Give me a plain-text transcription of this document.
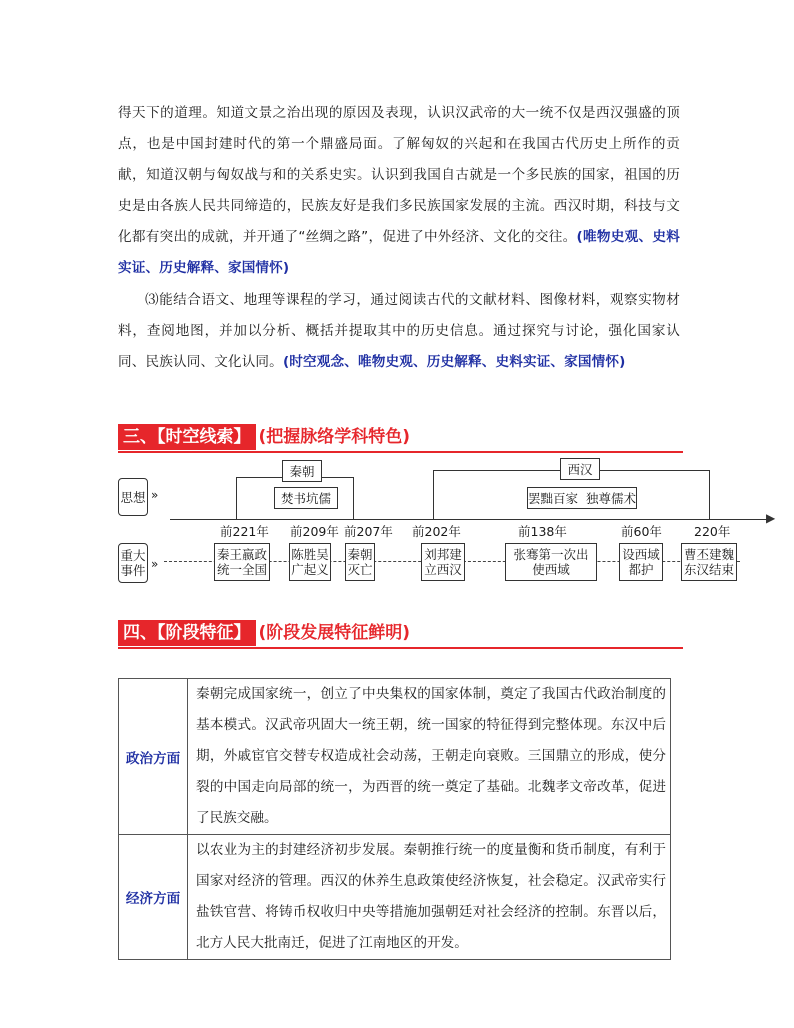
得天下的道理。知道文景之治出现的原因及表现，认识汉武帝的大一统不仅是西汉强盛的顶点，也是中国封建时代的第一个鼎盛局面。了解匈奴的兴起和在我国古代历史上所作的贡献，知道汉朝与匈奴战与和的关系史实。认识到我国自古就是一个多民族的国家，祖国的历史是由各族人民共同缔造的，民族友好是我们多民族国家发展的主流。西汉时期，科技与文化都有突出的成就，并开通了“丝绸之路”，促进了中外经济、文化的交往。(唯物史观、史料实证、历史解释、家国情怀)

⑶能结合语文、地理等课程的学习，通过阅读古代的文献材料、图像材料，观察实物材料，查阅地图，并加以分析、概括并提取其中的历史信息。通过探究与讨论，强化国家认同、民族认同、文化认同。(时空观念、唯物史观、历史解释、史料实证、家国情怀)

三、【时空线索】 (把握脉络学科特色)
思想 »
重大事件 »
秦朝
焚书坑儒
西汉
罢黜百家  独尊儒术
▶
前221年 前209年 前207年 前202年	前138年	前60年	220年
秦王嬴政统一全国
陈胜吴广起义
秦朝灭亡
刘邦建立西汉
张骞第一次出使西域
设西域都护
曹丕建魏东汉结束
四、【阶段特征】 (阶段发展特征鲜明)
政治方面	秦朝完成国家统一，创立了中央集权的国家体制，奠定了我国古代政治制度的基本模式。汉武帝巩固大一统王朝，统一国家的特征得到完整体现。东汉中后期，外戚宦官交替专权造成社会动荡，王朝走向衰败。三国鼎立的形成，使分裂的中国走向局部的统一，为西晋的统一奠定了基础。北魏孝文帝改革，促进了民族交融。
经济方面	以农业为主的封建经济初步发展。秦朝推行统一的度量衡和货币制度，有利于国家对经济的管理。西汉的休养生息政策使经济恢复，社会稳定。汉武帝实行盐铁官营、将铸币权收归中央等措施加强朝廷对社会经济的控制。东晋以后，北方人民大批南迁，促进了江南地区的开发。
